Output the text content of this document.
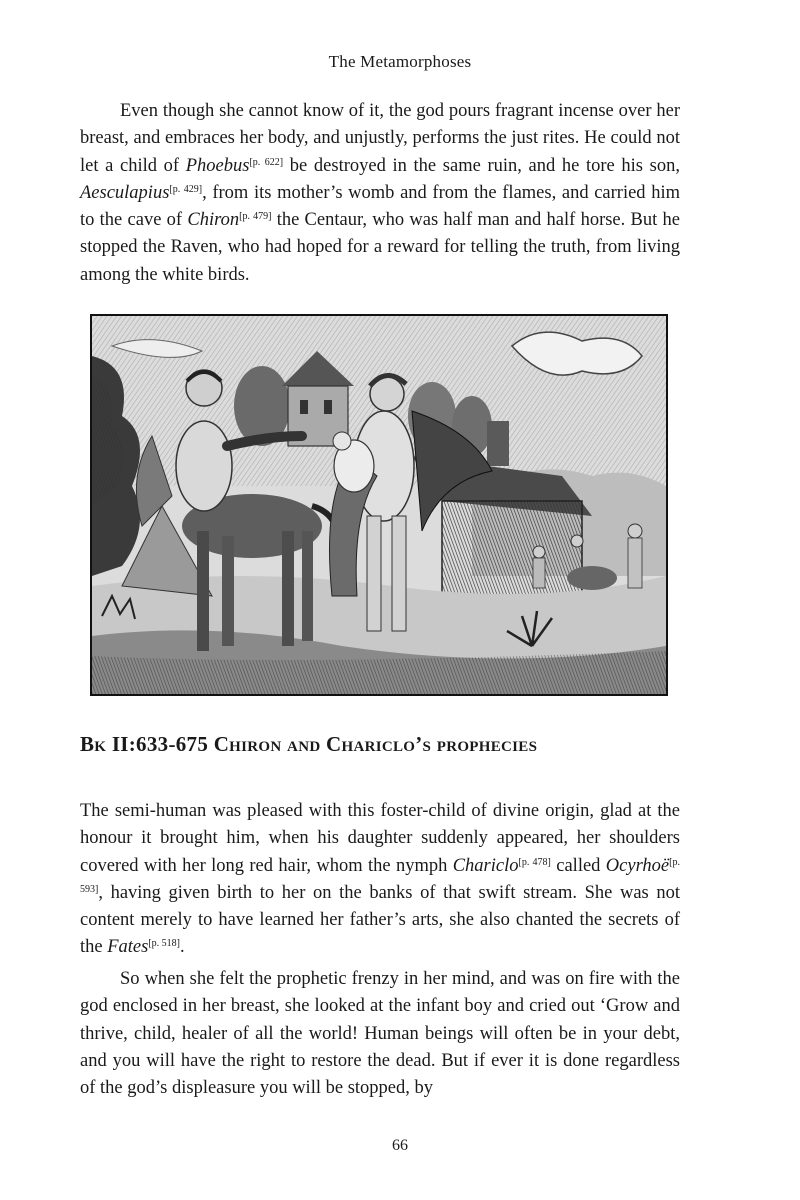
The Metamorphoses

Even though she cannot know of it, the god pours fragrant incense over her breast, and embraces her body, and unjustly, performs the just rites. He could not let a child of Phoebus[p. 622] be destroyed in the same ruin, and he tore his son, Aesculapius[p. 429], from its mother’s womb and from the flames, and carried him to the cave of Chiron[p. 479] the Centaur, who was half man and half horse. But he stopped the Raven, who had hoped for a reward for telling the truth, from living among the white birds.

Bk II:633-675 Chiron and Chariclo’s prophecies

The semi-human was pleased with this foster-child of divine origin, glad at the honour it brought him, when his daughter suddenly appeared, her shoulders covered with her long red hair, whom the nymph Chariclo[p. 478] called Ocyrhoë[p. 593], having given birth to her on the banks of that swift stream. She was not content merely to have learned her father’s arts, she also chanted the secrets of the Fates[p. 518].

So when she felt the prophetic frenzy in her mind, and was on fire with the god enclosed in her breast, she looked at the infant boy and cried out ‘Grow and thrive, child, healer of all the world! Human beings will often be in your debt, and you will have the right to restore the dead. But if ever it is done regardless of the god’s displeasure you will be stopped, by

66
